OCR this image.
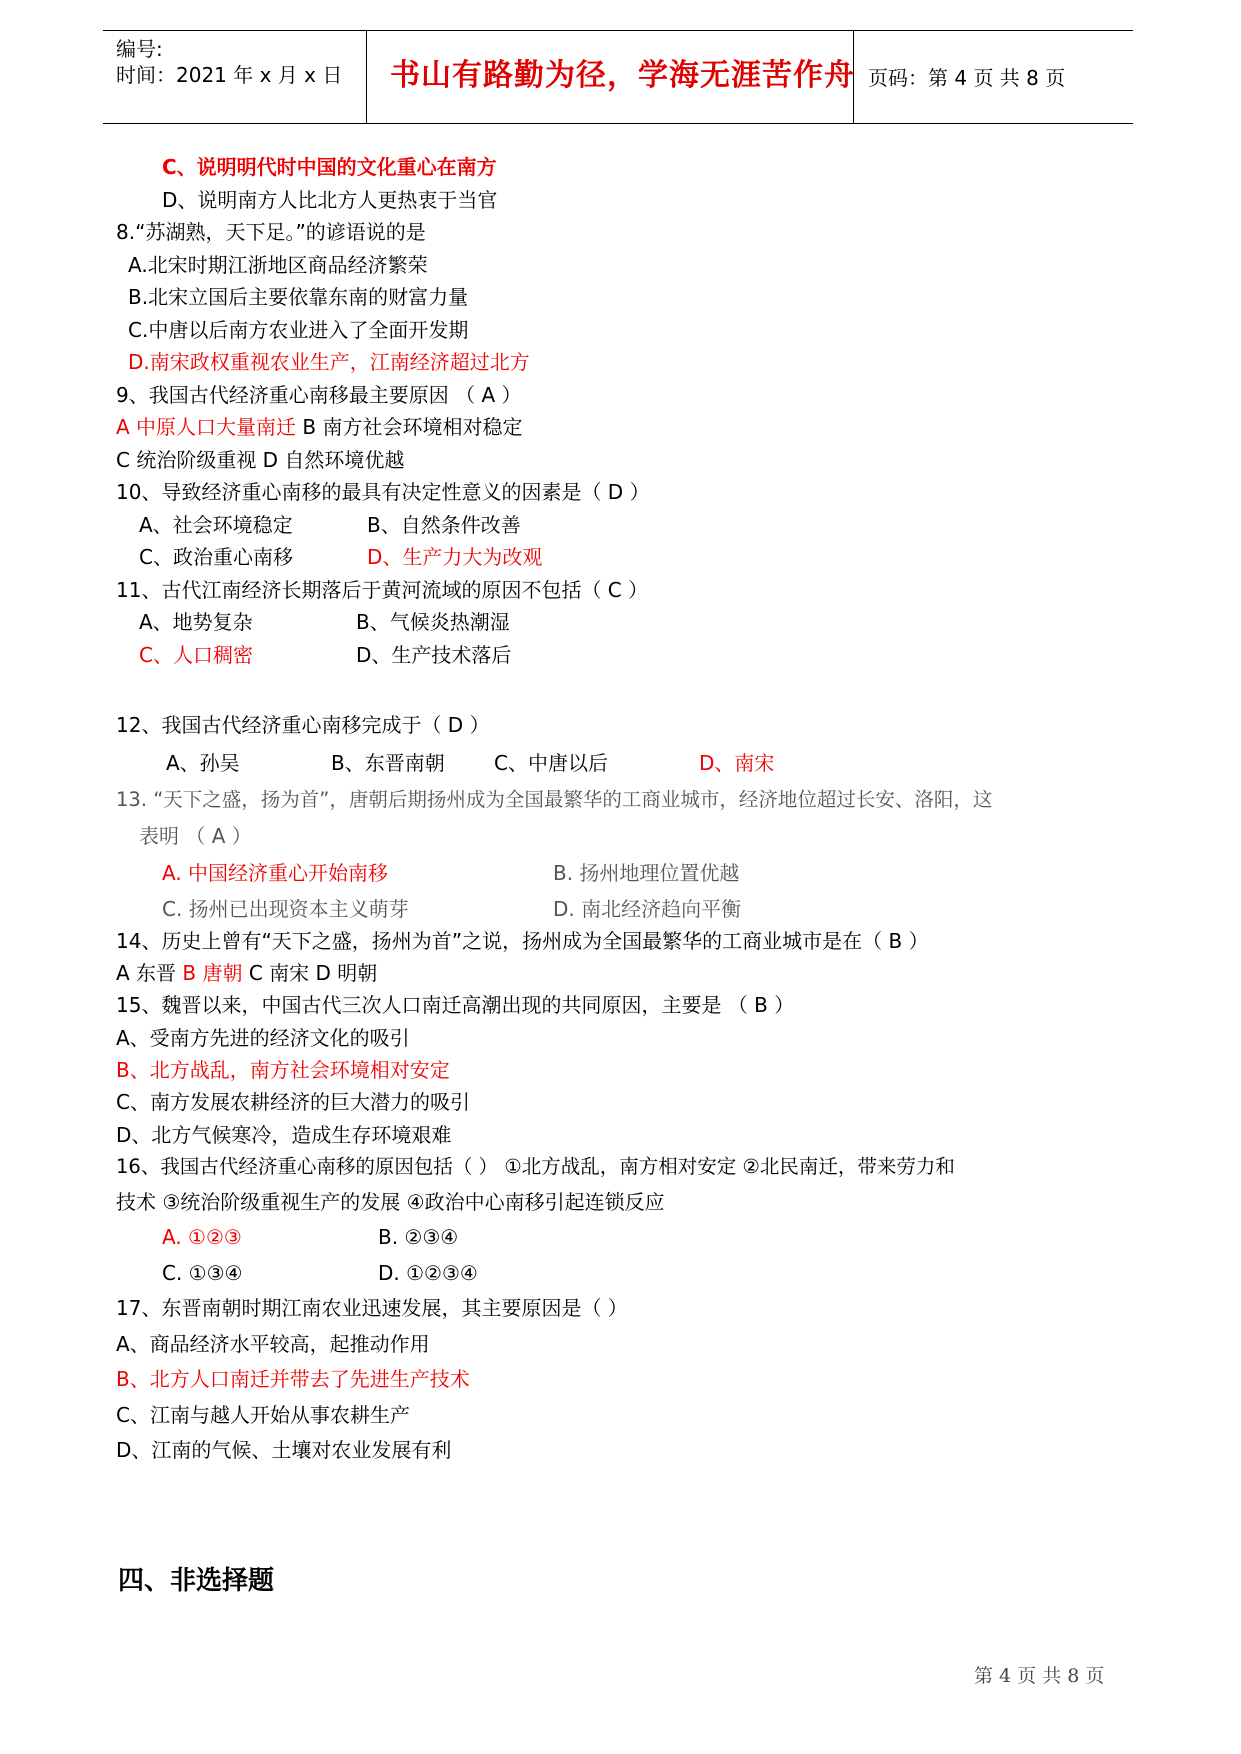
编号:
时间：2021 年 x 月 x 日 书山有路勤为径，学海无涯苦作舟 页码：第 4 页 共 8 页
C、说明明代时中国的文化重心在南方
D、说明南方人比北方人更热衷于当官
8.“苏湖熟，天下足。”的谚语说的是
A.北宋时期江浙地区商品经济繁荣
B.北宋立国后主要依靠东南的财富力量
C.中唐以后南方农业进入了全面开发期
D.南宋政权重视农业生产，江南经济超过北方
9、我国古代经济重心南移最主要原因 （ A ）
A 中原人口大量南迁 B 南方社会环境相对稳定
C 统治阶级重视 D 自然环境优越
10、导致经济重心南移的最具有决定性意义的因素是（ D ）
A、社会环境稳定	B、自然条件改善
C、政治重心南移	D、生产力大为改观
11、古代江南经济长期落后于黄河流域的原因不包括（ C ）
A、地势复杂	B、气候炎热潮湿
C、人口稠密	D、生产技术落后
12、我国古代经济重心南移完成于（ D ）
A、孙吴	B、东晋南朝 C、中唐以后	D、南宋
13. “天下之盛，扬为首”，唐朝后期扬州成为全国最繁华的工商业城市，经济地位超过长安、洛阳，这
表明 （ A ）
A. 中国经济重心开始南移	B. 扬州地理位置优越
C. 扬州已出现资本主义萌芽	D. 南北经济趋向平衡
14、历史上曾有“天下之盛，扬州为首”之说，扬州成为全国最繁华的工商业城市是在（ B ）
A 东晋 B 唐朝 C 南宋 D 明朝
15、魏晋以来，中国古代三次人口南迁高潮出现的共同原因，主要是 （ B ）
A、受南方先进的经济文化的吸引
B、北方战乱，南方社会环境相对安定
C、南方发展农耕经济的巨大潜力的吸引
D、北方气候寒冷，造成生存环境艰难
16、我国古代经济重心南移的原因包括（ ） ①北方战乱，南方相对安定 ②北民南迁，带来劳力和
技术 ③统治阶级重视生产的发展 ④政治中心南移引起连锁反应
A. ①②③	B. ②③④
C. ①③④	D. ①②③④
17、东晋南朝时期江南农业迅速发展，其主要原因是（ ）
A、商品经济水平较高，起推动作用
B、北方人口南迁并带去了先进生产技术
C、江南与越人开始从事农耕生产
D、江南的气候、土壤对农业发展有利
四、非选择题
第 4 页 共 8 页
